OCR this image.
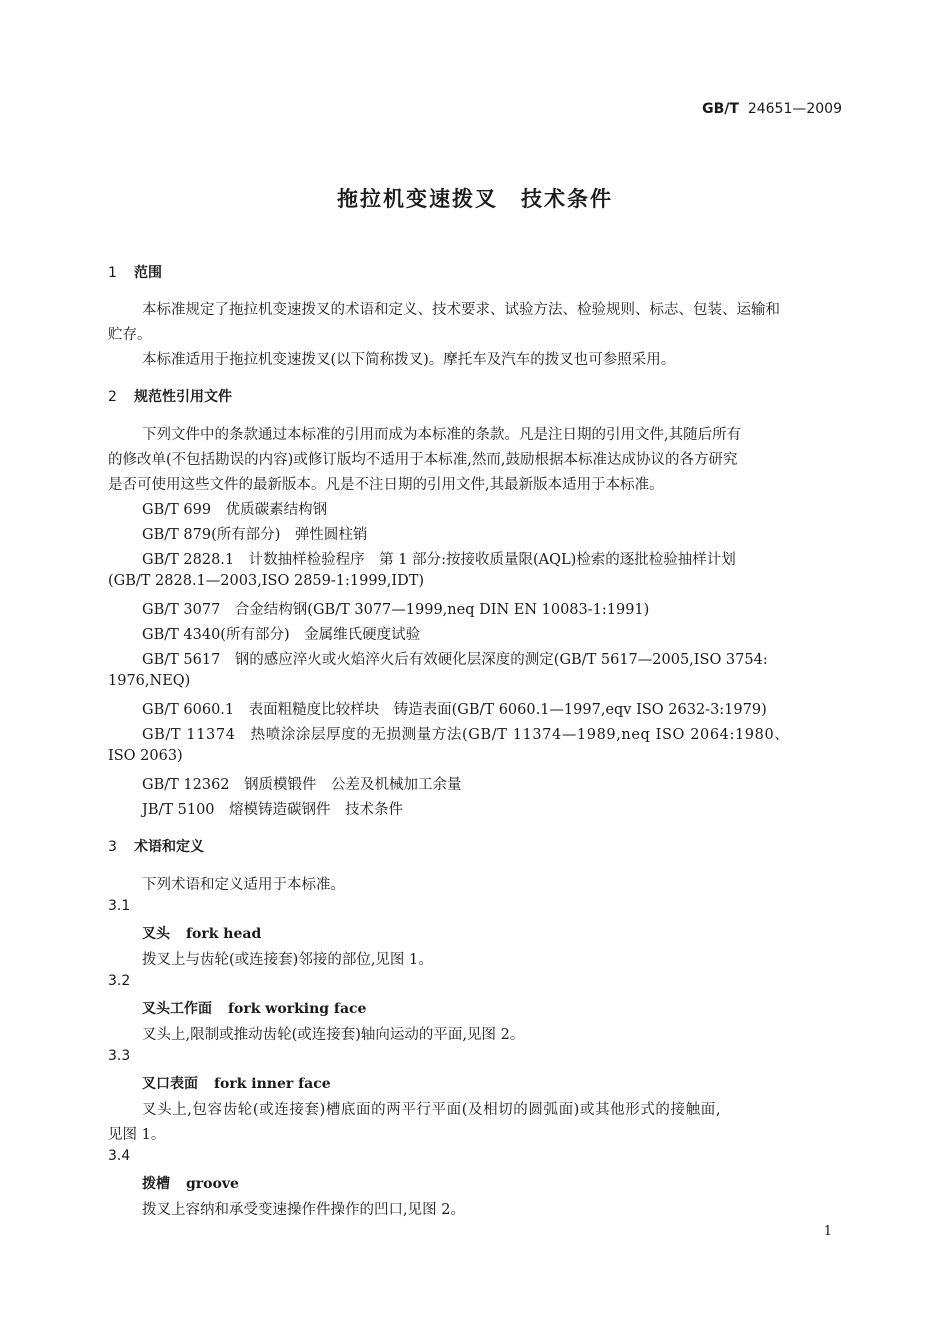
GB/T 24651—2009
拖拉机变速拨叉　技术条件
1 范围
本标准规定了拖拉机变速拨叉的术语和定义、技术要求、试验方法、检验规则、标志、包装、运输和
贮存。
本标准适用于拖拉机变速拨叉(以下简称拨叉)。摩托车及汽车的拨叉也可参照采用。
2 规范性引用文件
下列文件中的条款通过本标准的引用而成为本标准的条款。凡是注日期的引用文件,其随后所有
的修改单(不包括勘误的内容)或修订版均不适用于本标准,然而,鼓励根据本标准达成协议的各方研究
是否可使用这些文件的最新版本。凡是不注日期的引用文件,其最新版本适用于本标准。
GB/T 699　优质碳素结构钢
GB/T 879(所有部分)　弹性圆柱销
GB/T 2828.1　计数抽样检验程序　第 1 部分:按接收质量限(AQL)检索的逐批检验抽样计划
(GB/T 2828.1—2003,ISO 2859-1:1999,IDT)
GB/T 3077　合金结构钢(GB/T 3077—1999,neq DIN EN 10083-1:1991)
GB/T 4340(所有部分)　金属维氏硬度试验
GB/T 5617　钢的感应淬火或火焰淬火后有效硬化层深度的测定(GB/T 5617—2005,ISO 3754:
1976,NEQ)
GB/T 6060.1　表面粗糙度比较样块　铸造表面(GB/T 6060.1—1997,eqv ISO 2632-3:1979)
GB/T 11374　热喷涂涂层厚度的无损测量方法(GB/T 11374—1989,neq ISO 2064:1980、
ISO 2063)
GB/T 12362　钢质模锻件　公差及机械加工余量
JB/T 5100　熔模铸造碳钢件　技术条件
3 术语和定义
下列术语和定义适用于本标准。
3.1
叉头 fork head
拨叉上与齿轮(或连接套)邻接的部位,见图 1。
3.2
叉头工作面 fork working face
叉头上,限制或推动齿轮(或连接套)轴向运动的平面,见图 2。
3.3
叉口表面 fork inner face
叉头上,包容齿轮(或连接套)槽底面的两平行平面(及相切的圆弧面)或其他形式的接触面,
见图 1。
3.4
拨槽 groove
拨叉上容纳和承受变速操作件操作的凹口,见图 2。
1
